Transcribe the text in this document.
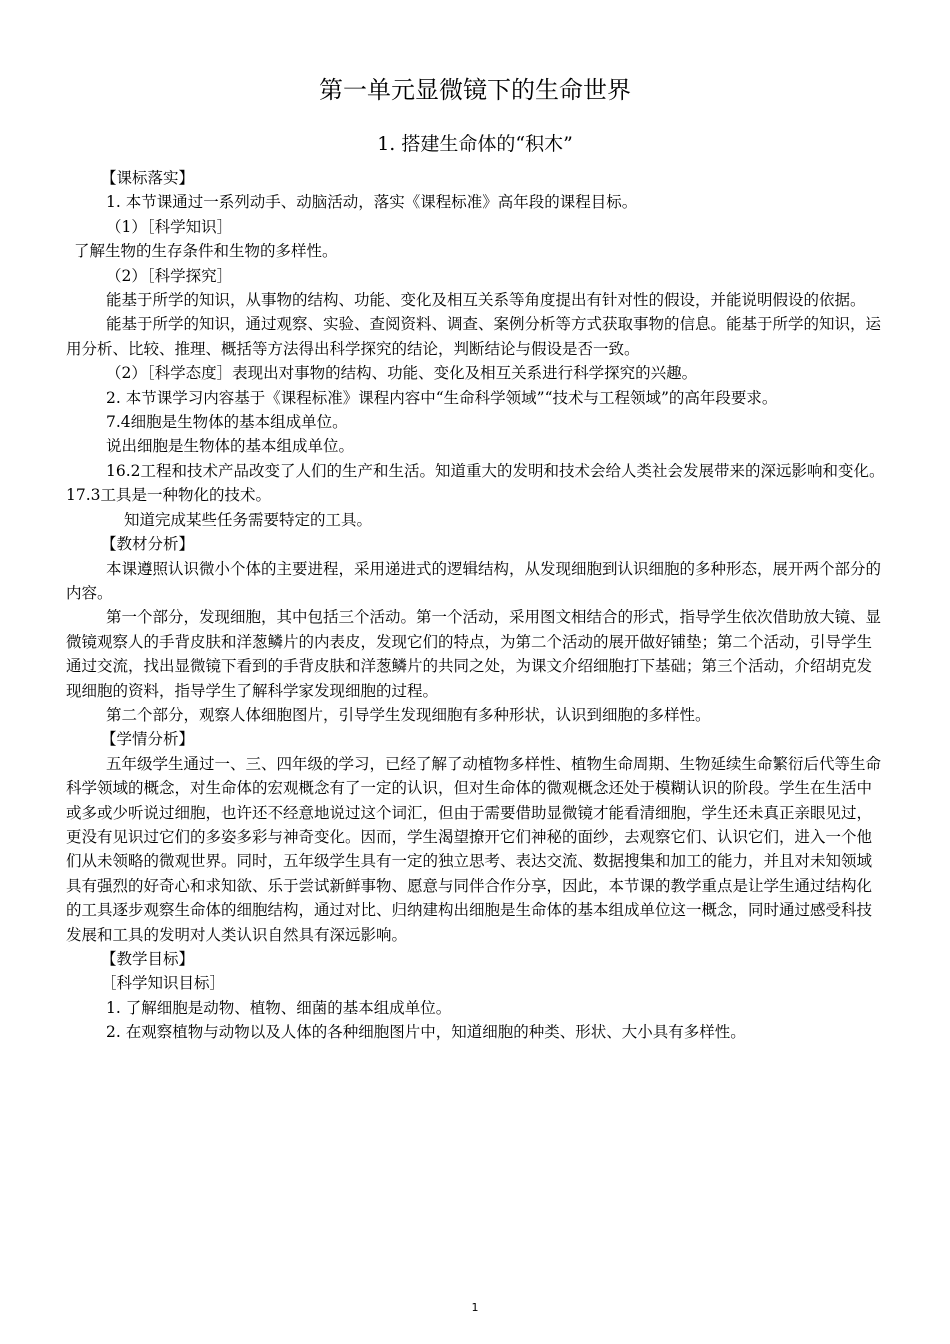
第一单元显微镜下的生命世界
1. 搭建生命体的“积木”

【课标落实】

1. 本节课通过一系列动手、动脑活动，落实《课程标准》高年段的课程目标。

（1）［科学知识］

了解生物的生存条件和生物的多样性。

（2）［科学探究］

能基于所学的知识，从事物的结构、功能、变化及相互关系等角度提出有针对性的假设，并能说明假设的依据。

能基于所学的知识，通过观察、实验、查阅资料、调查、案例分析等方式获取事物的信息。能基于所学的知识，运用分析、比较、推理、概括等方法得出科学探究的结论，判断结论与假设是否一致。

（2）［科学态度］表现出对事物的结构、功能、变化及相互关系进行科学探究的兴趣。

2. 本节课学习内容基于《课程标准》课程内容中“生命科学领域”“技术与工程领域”的高年段要求。

7.4细胞是生物体的基本组成单位。

说出细胞是生物体的基本组成单位。

16.2工程和技术产品改变了人们的生产和生活。知道重大的发明和技术会给人类社会发展带来的深远影响和变化。17.3工具是一种物化的技术。

知道完成某些任务需要特定的工具。

【教材分析】

本课遵照认识微小个体的主要进程，采用递进式的逻辑结构，从发现细胞到认识细胞的多种形态，展开两个部分的内容。

第一个部分，发现细胞，其中包括三个活动。第一个活动，采用图文相结合的形式，指导学生依次借助放大镜、显微镜观察人的手背皮肤和洋葱鳞片的内表皮，发现它们的特点，为第二个活动的展开做好铺垫；第二个活动，引导学生通过交流，找出显微镜下看到的手背皮肤和洋葱鳞片的共同之处，为课文介绍细胞打下基础；第三个活动，介绍胡克发现细胞的资料，指导学生了解科学家发现细胞的过程。

第二个部分，观察人体细胞图片，引导学生发现细胞有多种形状，认识到细胞的多样性。

【学情分析】

五年级学生通过一、三、四年级的学习，已经了解了动植物多样性、植物生命周期、生物延续生命繁衍后代等生命科学领域的概念，对生命体的宏观概念有了一定的认识，但对生命体的微观概念还处于模糊认识的阶段。学生在生活中或多或少听说过细胞，也许还不经意地说过这个词汇，但由于需要借助显微镜才能看清细胞，学生还未真正亲眼见过，更没有见识过它们的多姿多彩与神奇变化。因而，学生渴望撩开它们神秘的面纱，去观察它们、认识它们，进入一个他们从未领略的微观世界。同时，五年级学生具有一定的独立思考、表达交流、数据搜集和加工的能力，并且对未知领域具有强烈的好奇心和求知欲、乐于尝试新鲜事物、愿意与同伴合作分享，因此，本节课的教学重点是让学生通过结构化的工具逐步观察生命体的细胞结构，通过对比、归纳建构出细胞是生命体的基本组成单位这一概念，同时通过感受科技发展和工具的发明对人类认识自然具有深远影响。

【教学目标】

［科学知识目标］

1. 了解细胞是动物、植物、细菌的基本组成单位。

2. 在观察植物与动物以及人体的各种细胞图片中，知道细胞的种类、形状、大小具有多样性。

1
